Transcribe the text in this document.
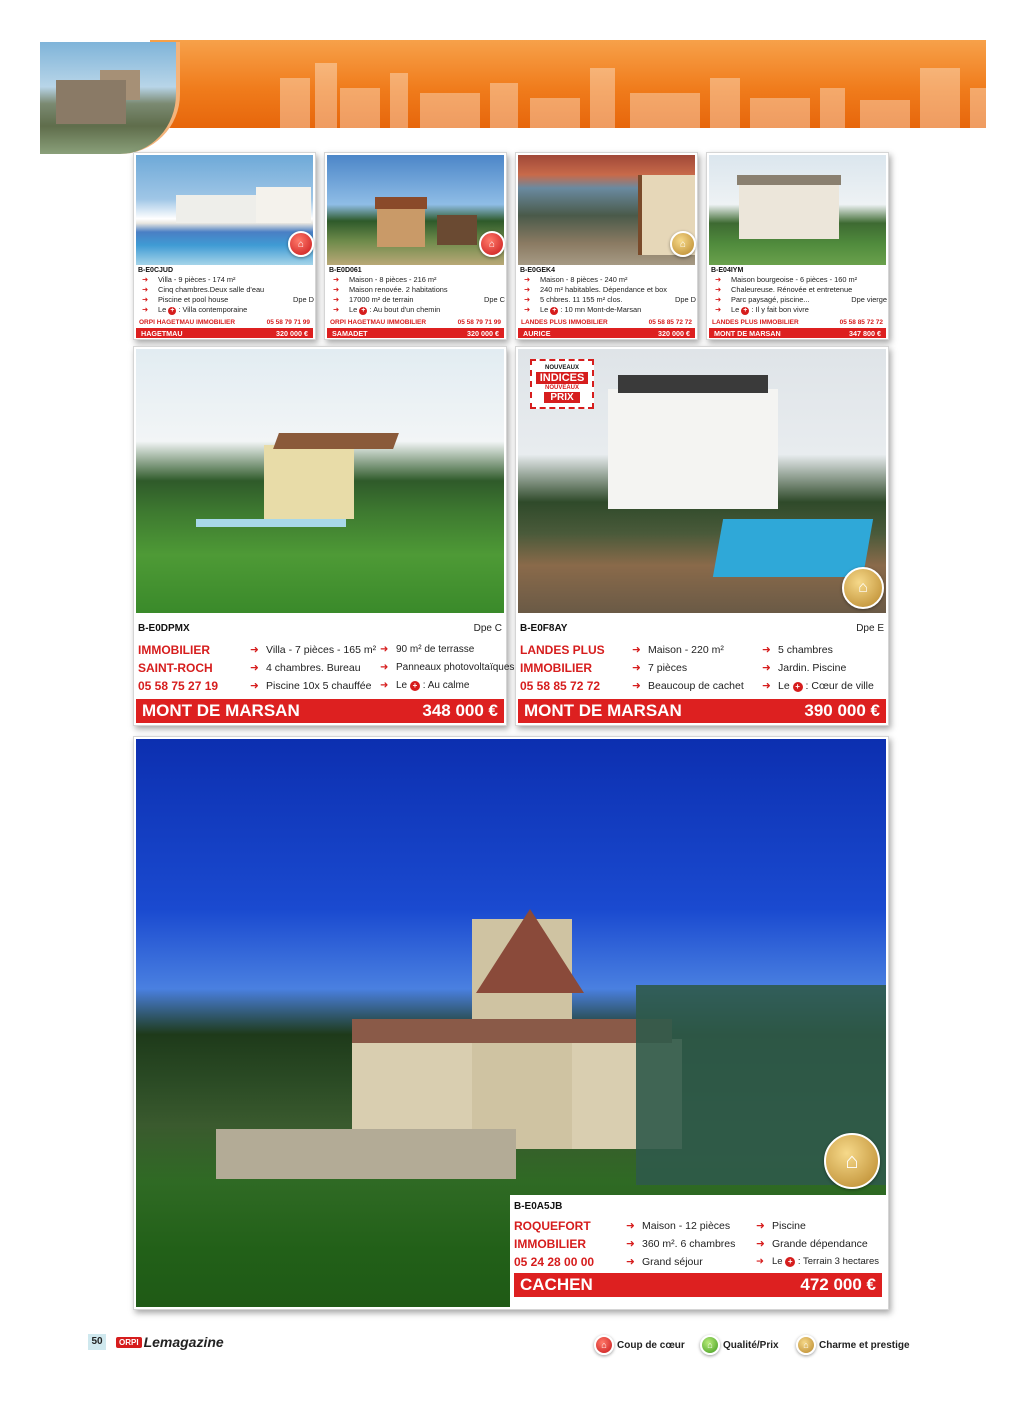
⌂
B-E0CJUD
➜ Villa - 9 pièces - 174 m²
➜ Cinq chambres.Deux salle d'eau
➜ Piscine et pool house	Dpe D
➜ Le + : Villa contemporaine
ORPI HAGETMAU IMMOBILIER	05 58 79 71 99
HAGETMAU	320 000 €
⌂
B-E0D061
➜ Maison - 8 pièces - 216 m²
➜ Maison renovée. 2 habitations
➜ 17000 m² de terrain	Dpe C
➜ Le + : Au bout d'un chemin
ORPI HAGETMAU IMMOBILIER	05 58 79 71 99
SAMADET	320 000 €
⌂
B-E0GEK4
➜ Maison - 8 pièces - 240 m²
➜ 240 m² habitables. Dépendance et box
➜ 5 chbres. 11 155 m² clos.	Dpe D
➜ Le + : 10 mn Mont-de-Marsan
LANDES PLUS IMMOBILIER	05 58 85 72 72
AURICE	320 000 €
B-E04IYM
➜ Maison bourgeoise - 6 pièces - 160 m²
➜ Chaleureuse. Rénovée et entretenue
➜ Parc paysagé, piscine...	Dpe vierge
➜ Le + : Il y fait bon vivre
LANDES PLUS IMMOBILIER	05 58 85 72 72
MONT DE MARSAN	347 800 €
B-E0DPMX	Dpe C
IMMOBILIER
SAINT-ROCH
05 58 75 27 19
➜ Villa - 7 pièces - 165 m²
➜ 4 chambres. Bureau
➜ Piscine 10x 5 chauffée
➜ 90 m² de terrasse
➜ Panneaux photovoltaïques
➜ Le + : Au calme
MONT DE MARSAN	348 000 €
NOUVEAUX
INDICES
NOUVEAUX
PRIX
⌂
B-E0F8AY	Dpe E
LANDES PLUS
IMMOBILIER
05 58 85 72 72
➜ Maison - 220 m²
➜ 7 pièces
➜ Beaucoup de cachet
➜ 5 chambres
➜ Jardin. Piscine
➜ Le + : Cœur de ville
MONT DE MARSAN	390 000 €
⌂
B-E0A5JB
ROQUEFORT
IMMOBILIER
05 24 28 00 00
➜ Maison - 12 pièces
➜ 360 m². 6 chambres
➜ Grand séjour
➜ Piscine
➜ Grande dépendance
➜ Le + : Terrain 3 hectares
CACHEN	472 000 €
50	ORPI Lemagazine	⌂	Coup de cœur	⌂	Qualité/Prix	⌂	Charme et prestige
